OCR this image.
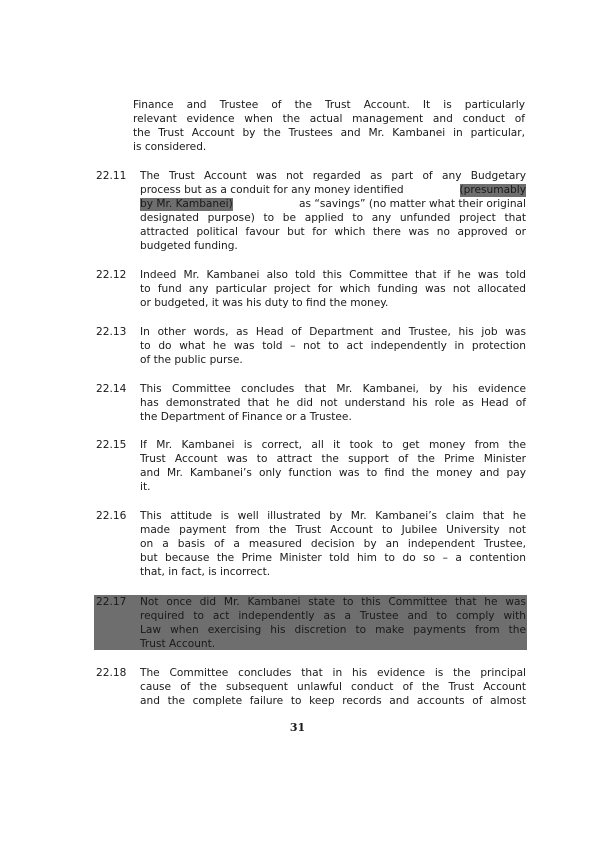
Finance and Trustee of the Trust Account. It is particularly
relevant evidence when the actual management and conduct of
the Trust Account by the Trustees and Mr. Kambanei in particular,
is considered.
22.11 The Trust Account was not regarded as part of any Budgetary
process but as a conduit for any money identified	(presumably
by Mr. Kambanei)	as “savings” (no matter what their original
designated purpose) to be applied to any unfunded project that
attracted political favour but for which there was no approved or
budgeted funding.
22.12 Indeed Mr. Kambanei also told this Committee that if he was told
to fund any particular project for which funding was not allocated
or budgeted, it was his duty to find the money.
22.13 In other words, as Head of Department and Trustee, his job was
to do what he was told – not to act independently in protection
of the public purse.
22.14 This Committee concludes that Mr. Kambanei, by his evidence
has demonstrated that he did not understand his role as Head of
the Department of Finance or a Trustee.
22.15 If Mr. Kambanei is correct, all it took to get money from the
Trust Account was to attract the support of the Prime Minister
and Mr. Kambanei’s only function was to find the money and pay
it.
22.16 This attitude is well illustrated by Mr. Kambanei’s claim that he
made payment from the Trust Account to Jubilee University not
on a basis of a measured decision by an independent Trustee,
but because the Prime Minister told him to do so – a contention
that, in fact, is incorrect.
22.17 Not once did Mr. Kambanei state to this Committee that he was
required to act independently as a Trustee and to comply with
Law when exercising his discretion to make payments from the
Trust Account.
22.18 The Committee concludes that in his evidence is the principal
cause of the subsequent unlawful conduct of the Trust Account
and the complete failure to keep records and accounts of almost
31
